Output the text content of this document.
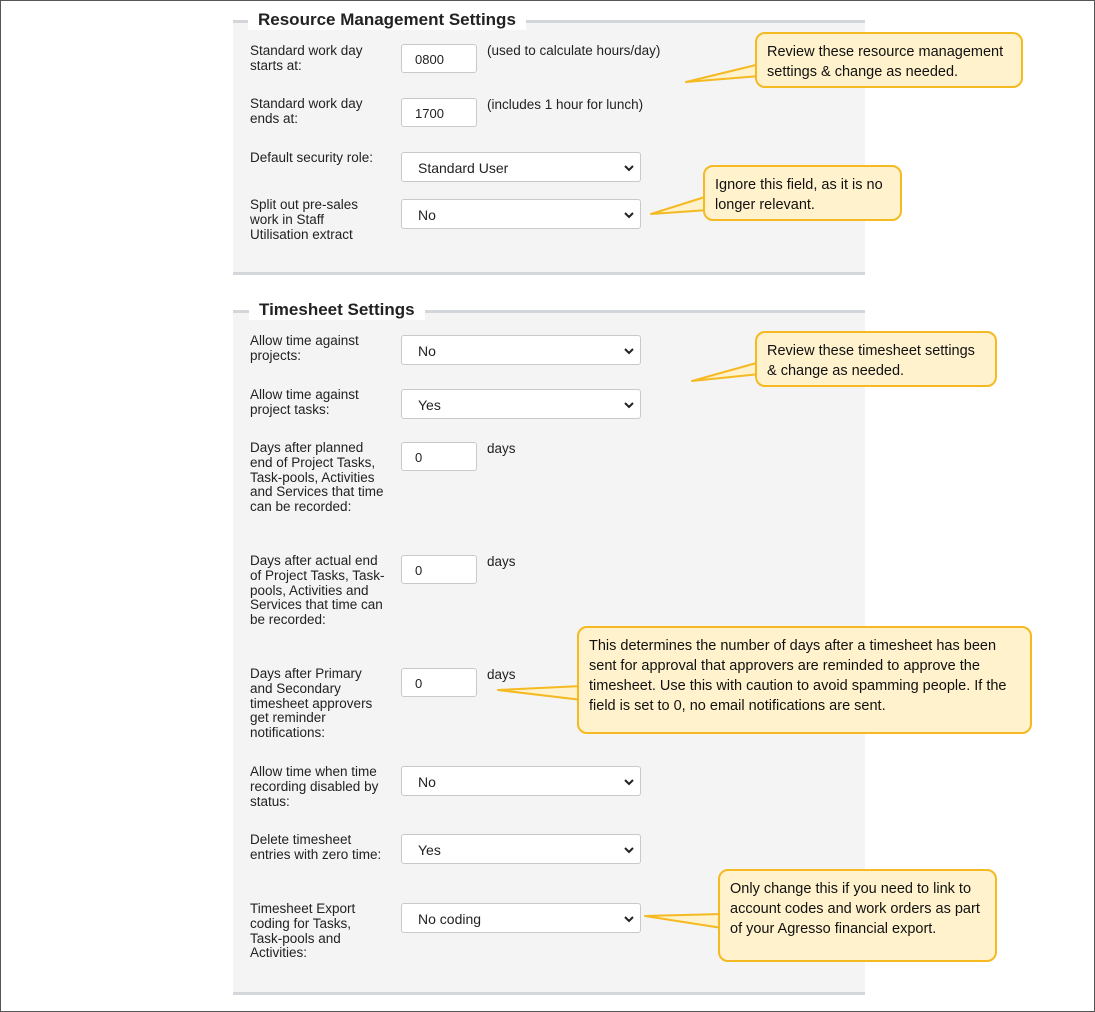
Resource Management Settings
Standard work day starts at:	0800
(used to calculate hours/day)
Standard work day ends at:	1700
(includes 1 hour for lunch)
Default security role:
Standard User
Split out pre-sales work in Staff Utilisation extract
No
Timesheet Settings
Allow time against projects:	No
Allow time against project tasks:	Yes
Days after planned end of Project Tasks, Task-pools, Activities and Services that time can be recorded:
0
days
Days after actual end of Project Tasks, Task-pools, Activities and Services that time can be recorded:
0
days
Days after Primary and Secondary timesheet approvers get reminder notifications:
0
days
Allow time when time recording disabled by status:
No
Delete timesheet entries with zero time:	Yes
Timesheet Export coding for Tasks, Task-pools and Activities:
No coding
Review these resource management settings & change as needed.
Ignore this field, as it is no longer relevant.
Review these timesheet settings & change as needed.
This determines the number of days after a timesheet has been sent for approval that approvers are reminded to approve the timesheet. Use this with caution to avoid spamming people. If the field is set to 0, no email notifications are sent.
Only change this if you need to link to account codes and work orders as part of your Agresso financial export.
